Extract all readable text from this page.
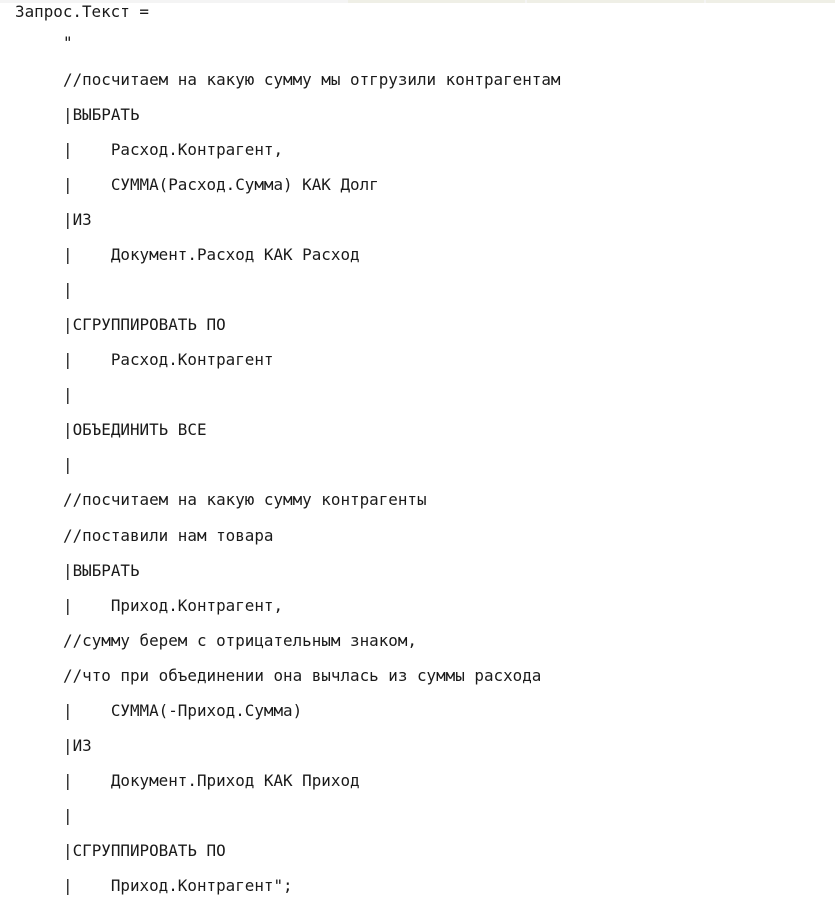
Запрос.Текст =
"
//посчитаем на какую сумму мы отгрузили контрагентам
|ВЫБРАТЬ
|    Расход.Контрагент,
|    СУММА(Расход.Сумма) КАК Долг
|ИЗ
|    Документ.Расход КАК Расход
|
|СГРУППИРОВАТЬ ПО
|    Расход.Контрагент
|
|ОБЪЕДИНИТЬ ВСЕ
|
//посчитаем на какую сумму контрагенты
//поставили нам товара
|ВЫБРАТЬ
|    Приход.Контрагент,
//сумму берем с отрицательным знаком,
//что при объединении она вычлась из суммы расхода
|    СУММА(-Приход.Сумма)
|ИЗ
|    Документ.Приход КАК Приход
|
|СГРУППИРОВАТЬ ПО
|    Приход.Контрагент";
